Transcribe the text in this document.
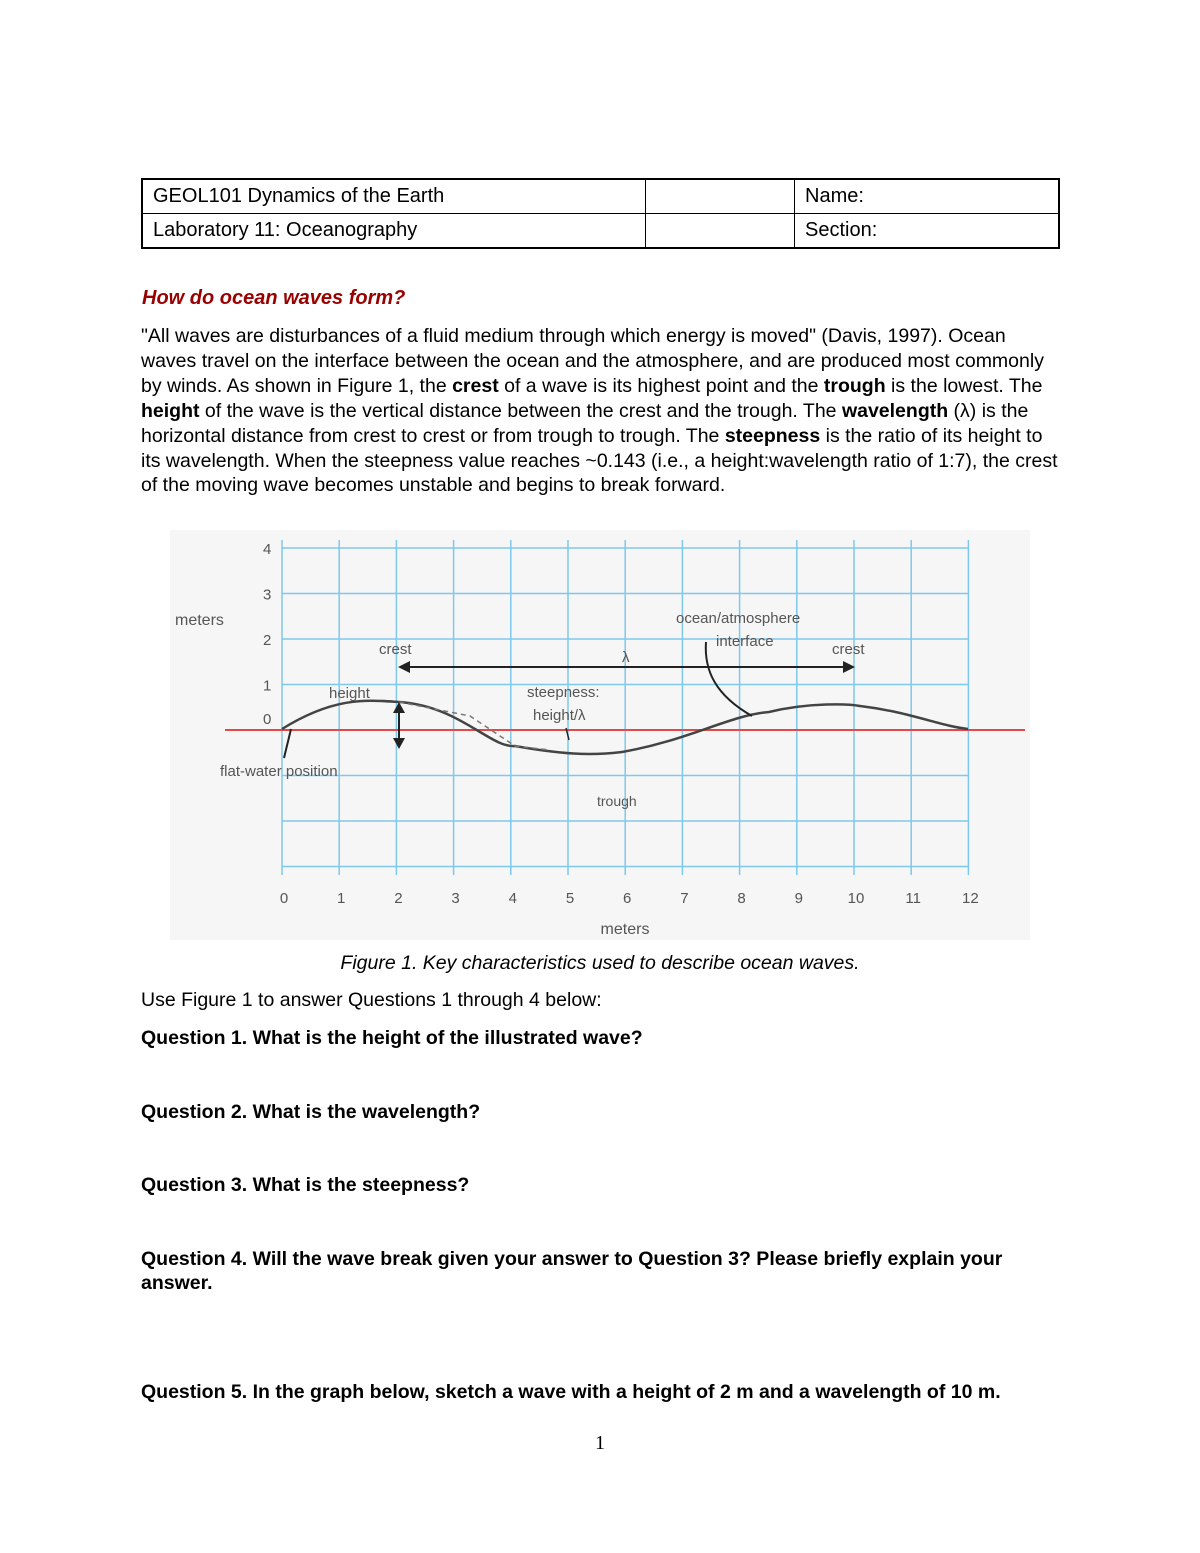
GEOL101 Dynamics of the Earth		Name:
Laboratory 11: Oceanography		Section:
How do ocean waves form?
"All waves are disturbances of a fluid medium through which energy is moved" (Davis, 1997). Ocean waves travel on the interface between the ocean and the atmosphere, and are produced most commonly by winds. As shown in Figure 1, the crest of a wave is its highest point and the trough is the lowest. The height of the wave is the vertical distance between the crest and the trough. The wavelength (λ) is the horizontal distance from crest to crest or from trough to trough. The steepness is the ratio of its height to its wavelength. When the steepness value reaches ~0.143 (i.e., a height:wavelength ratio of 1:7), the crest of the moving wave becomes unstable and begins to break forward.
meters
meters
4
3
2
1
0
0	1	2	3	4	5	6	7	8	9	10	11	12
crest	crest
λ
height	steepness:
height/λ
ocean/atmosphere
interface
flat-water position
trough
Figure 1. Key characteristics used to describe ocean waves.
Use Figure 1 to answer Questions 1 through 4 below:
Question 1. What is the height of the illustrated wave?
Question 2. What is the wavelength?
Question 3. What is the steepness?
Question 4. Will the wave break given your answer to Question 3? Please briefly explain your answer.
Question 5. In the graph below, sketch a wave with a height of 2 m and a wavelength of 10 m.
1
